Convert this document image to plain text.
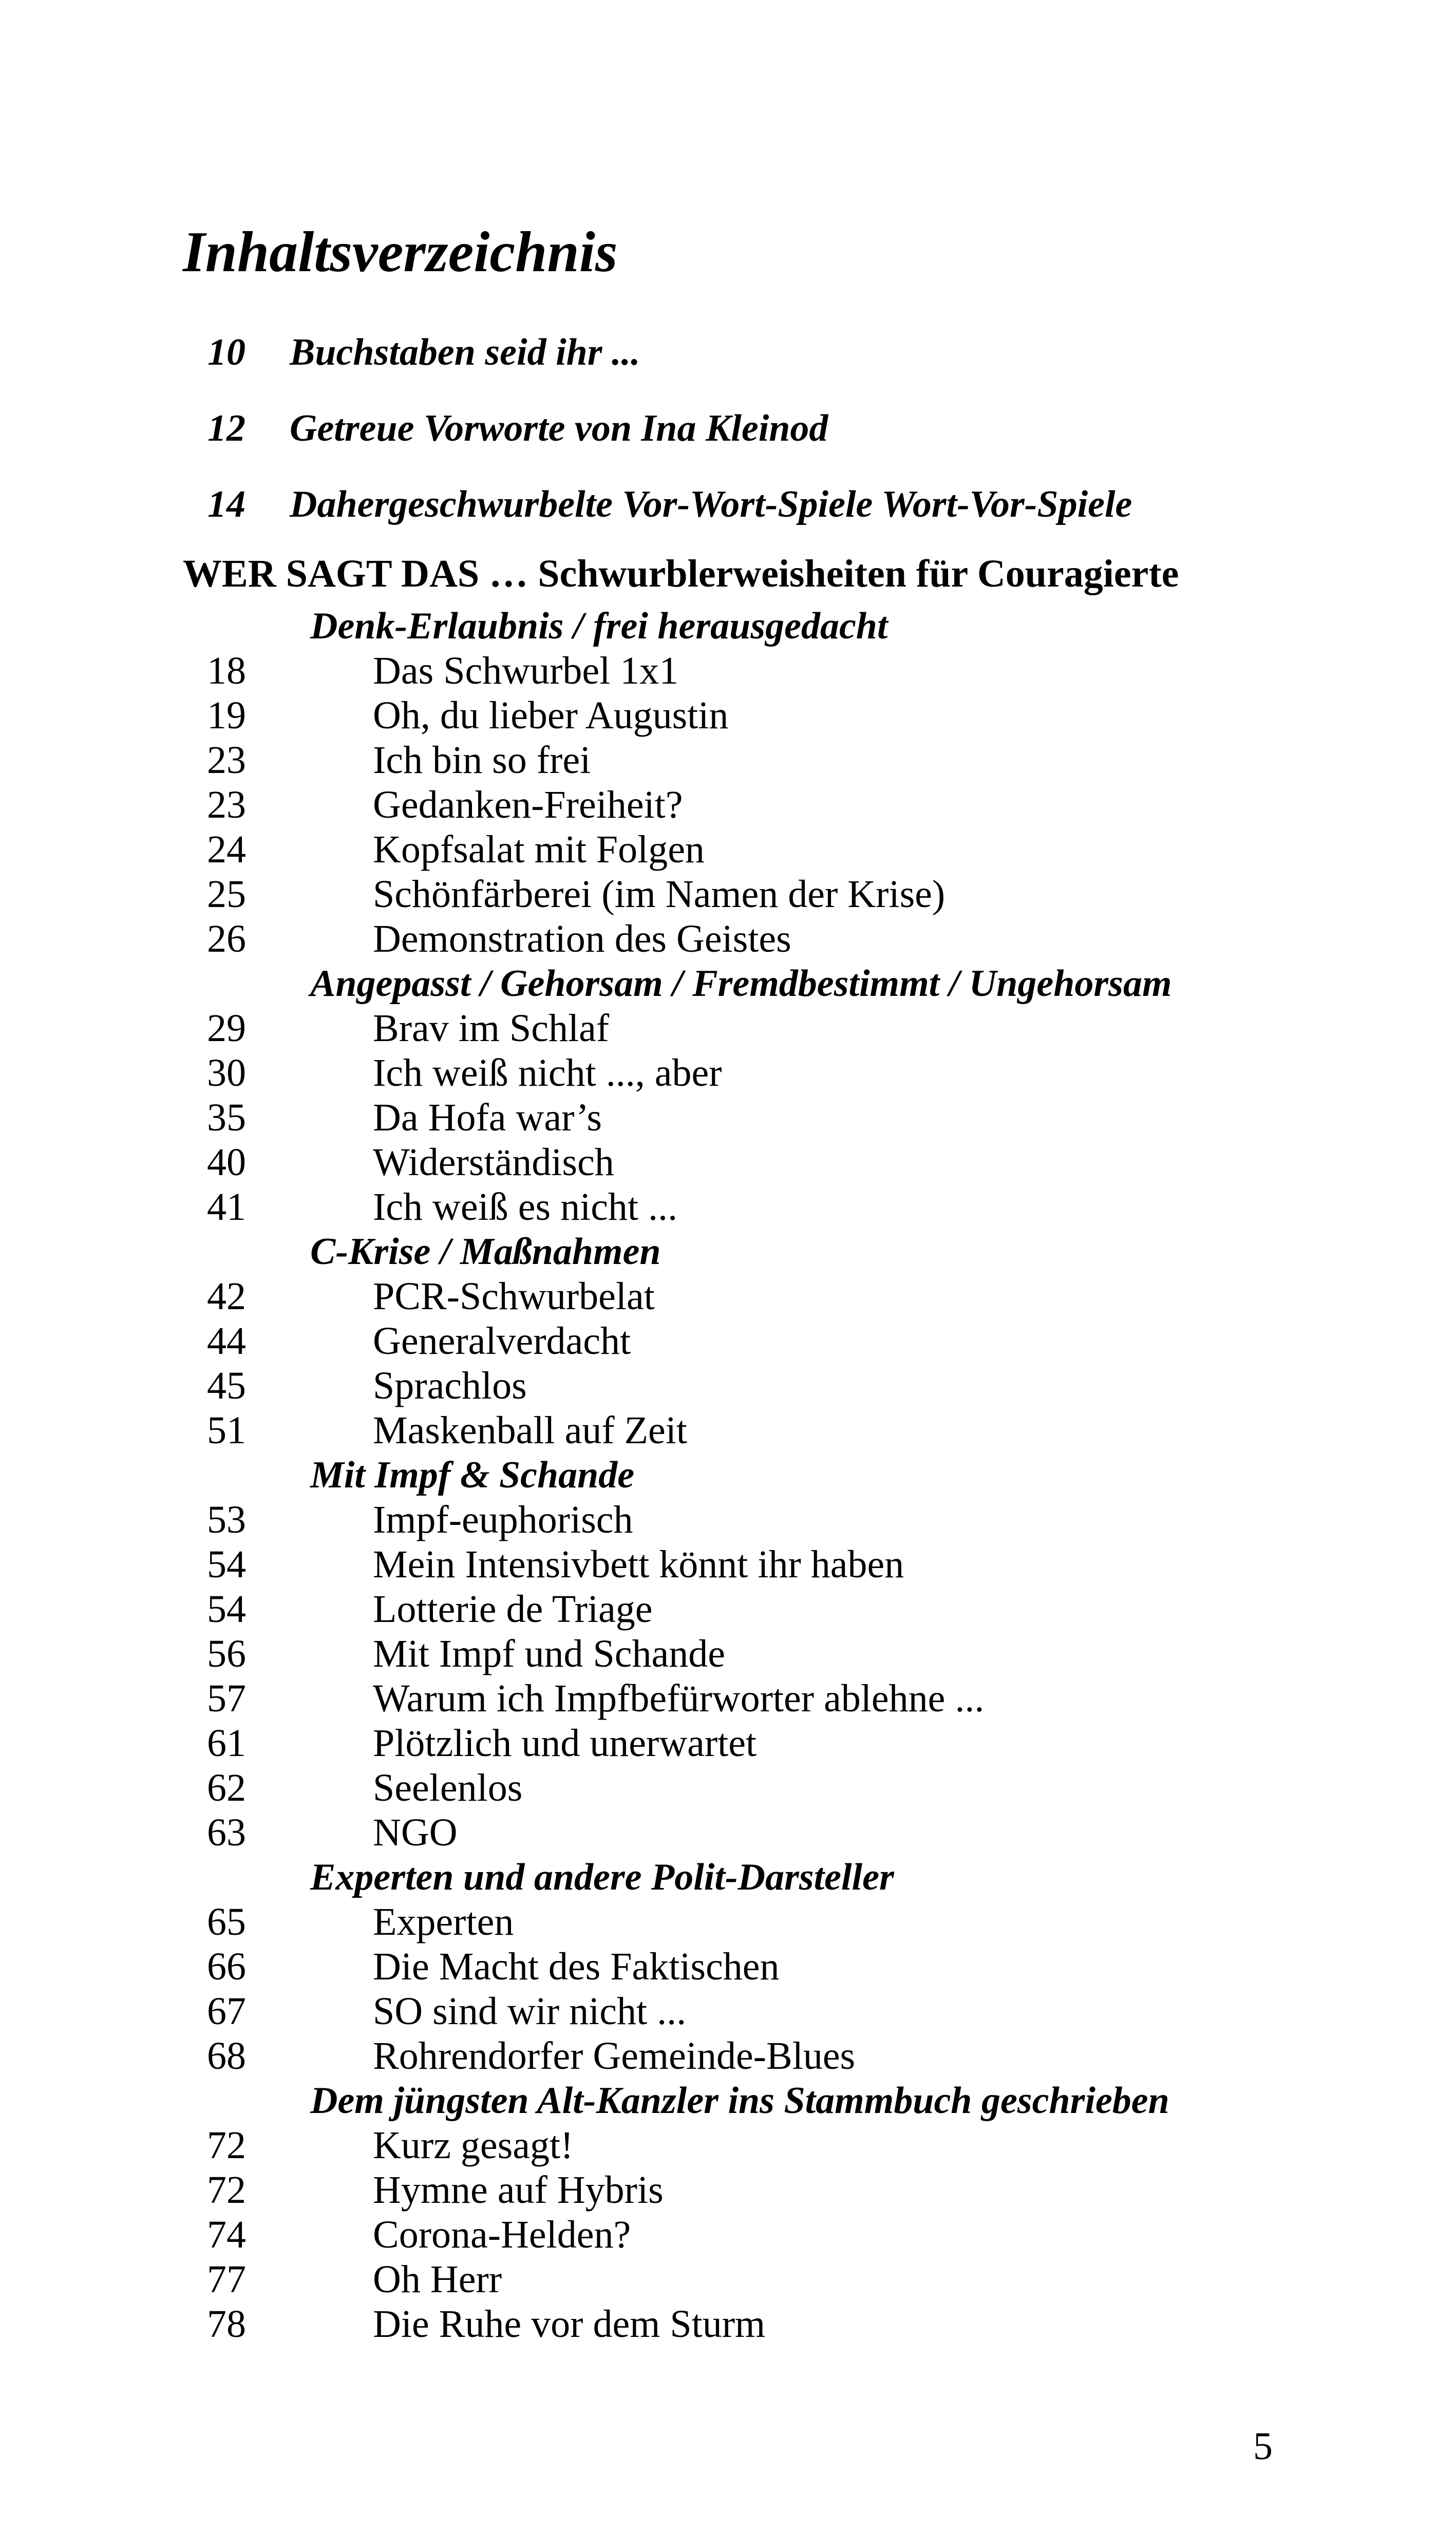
Inhaltsverzeichnis
10	Buchstaben seid ihr ...
12	Getreue Vorworte von Ina Kleinod
14	Dahergeschwurbelte Vor-Wort-Spiele Wort-Vor-Spiele
WER SAGT DAS … Schwurblerweisheiten für Couragierte
Denk-Erlaubnis / frei herausgedacht
18	Das Schwurbel 1x1
19	Oh, du lieber Augustin
23	Ich bin so frei
23	Gedanken-Freiheit?
24	Kopfsalat mit Folgen
25	Schönfärberei (im Namen der Krise)
26	Demonstration des Geistes
Angepasst / Gehorsam / Fremdbestimmt / Ungehorsam
29	Brav im Schlaf
30	Ich weiß nicht ..., aber
35	Da Hofa war’s
40	Widerständisch
41	Ich weiß es nicht ...
C-Krise / Maßnahmen
42	PCR-Schwurbelat
44	Generalverdacht
45	Sprachlos
51	Maskenball auf Zeit
Mit Impf & Schande
53	Impf-euphorisch
54	Mein Intensivbett könnt ihr haben
54	Lotterie de Triage
56	Mit Impf und Schande
57	Warum ich Impfbefürworter ablehne ...
61	Plötzlich und unerwartet
62	Seelenlos
63	NGO
Experten und andere Polit-Darsteller
65	Experten
66	Die Macht des Faktischen
67	SO sind wir nicht ...
68	Rohrendorfer Gemeinde-Blues
Dem jüngsten Alt-Kanzler ins Stammbuch geschrieben
72	Kurz gesagt!
72	Hymne auf Hybris
74	Corona-Helden?
77	Oh Herr
78	Die Ruhe vor dem Sturm
5
